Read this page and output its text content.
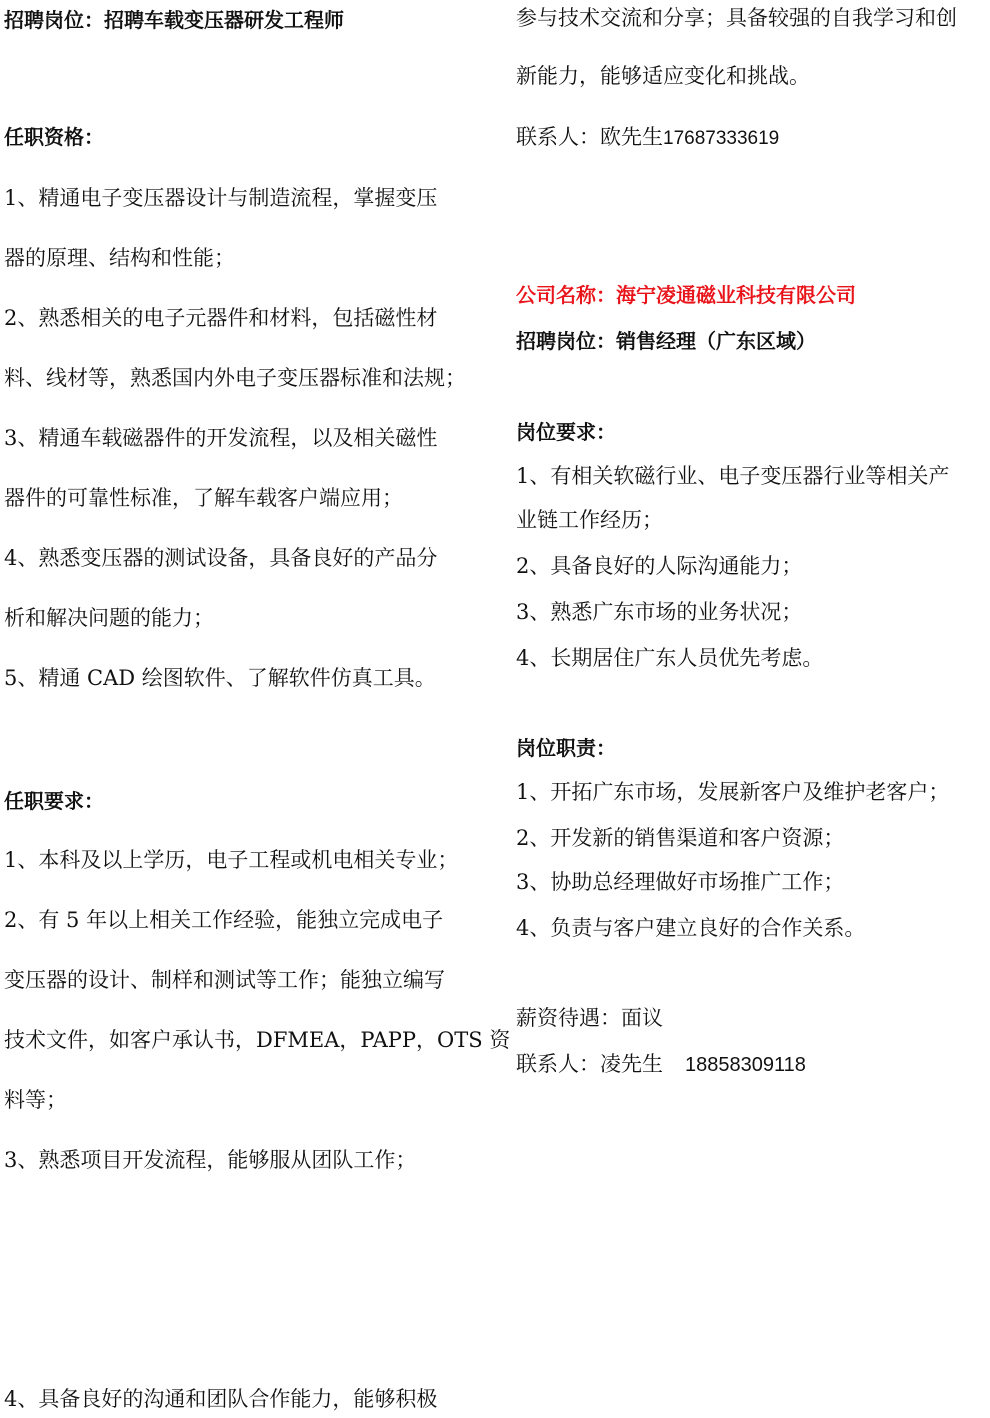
招聘岗位：招聘车载变压器研发工程师

任职资格：

1、精通电子变压器设计与制造流程，掌握变压

器的原理、结构和性能；

2、熟悉相关的电子元器件和材料，包括磁性材

料、线材等，熟悉国内外电子变压器标准和法规；

3、精通车载磁器件的开发流程，以及相关磁性

器件的可靠性标准，了解车载客户端应用；

4、熟悉变压器的测试设备，具备良好的产品分

析和解决问题的能力；

5、精通 CAD 绘图软件、了解软件仿真工具。

任职要求：

1、本科及以上学历，电子工程或机电相关专业；

2、有 5 年以上相关工作经验，能独立完成电子

变压器的设计、制样和测试等工作；能独立编写

技术文件，如客户承认书，DFMEA，PAPP，OTS 资

料等；

3、熟悉项目开发流程，能够服从团队工作；

4、具备良好的沟通和团队合作能力，能够积极

参与技术交流和分享；具备较强的自我学习和创

新能力，能够适应变化和挑战。

联系人：欧先生17687333619

公司名称：海宁凌通磁业科技有限公司

招聘岗位：销售经理（广东区域）

岗位要求：

1、有相关软磁行业、电子变压器行业等相关产

业链工作经历；

2、具备良好的人际沟通能力；

3、熟悉广东市场的业务状况；

4、长期居住广东人员优先考虑。

岗位职责：

1、开拓广东市场，发展新客户及维护老客户；

2、开发新的销售渠道和客户资源；

3、协助总经理做好市场推广工作；

4、负责与客户建立良好的合作关系。

薪资待遇：面议

联系人：凌先生 18858309118
